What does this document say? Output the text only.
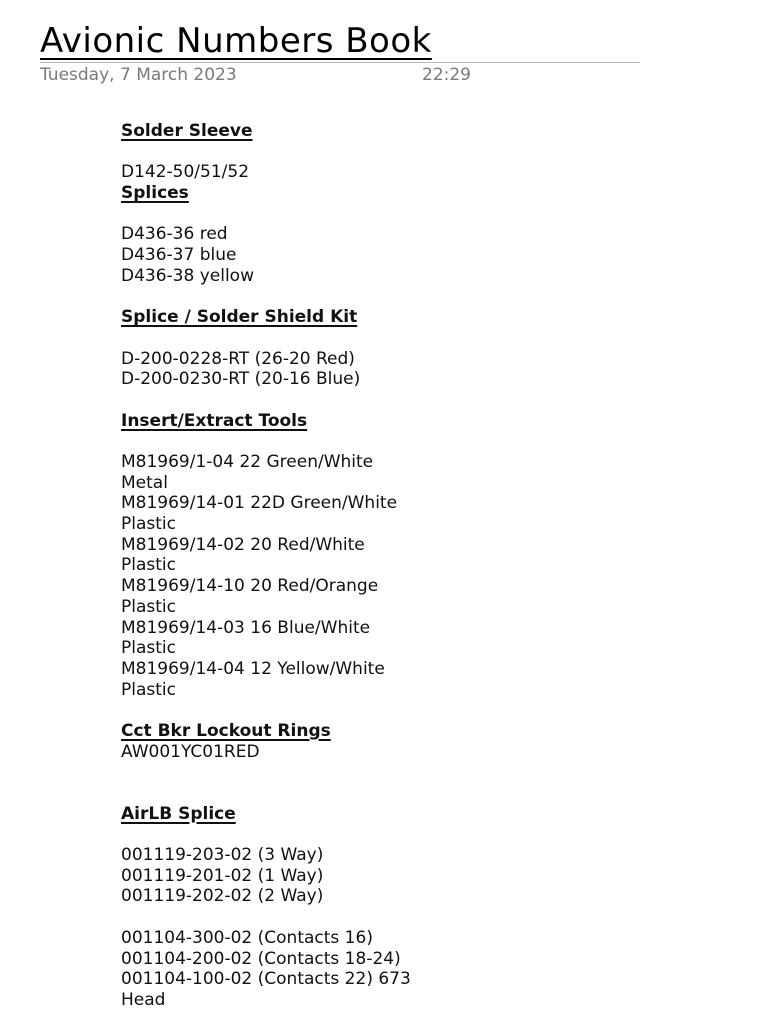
Avionic Numbers Book
Tuesday, 7 March 2023	22:29
Solder Sleeve
D142-50/51/52
Splices
D436-36 red
D436-37 blue
D436-38 yellow
Splice / Solder Shield Kit
D-200-0228-RT (26-20 Red)
D-200-0230-RT (20-16 Blue)
Insert/Extract Tools
M81969/1-04 22 Green/White
Metal
M81969/14-01 22D Green/White
Plastic
M81969/14-02 20 Red/White
Plastic
M81969/14-10 20 Red/Orange
Plastic
M81969/14-03 16 Blue/White
Plastic
M81969/14-04 12 Yellow/White
Plastic
Cct Bkr Lockout Rings
AW001YC01RED
AirLB Splice
001119-203-02 (3 Way)
001119-201-02 (1 Way)
001119-202-02 (2 Way)
001104-300-02 (Contacts 16)
001104-200-02 (Contacts 18-24)
001104-100-02 (Contacts 22) 673
Head
